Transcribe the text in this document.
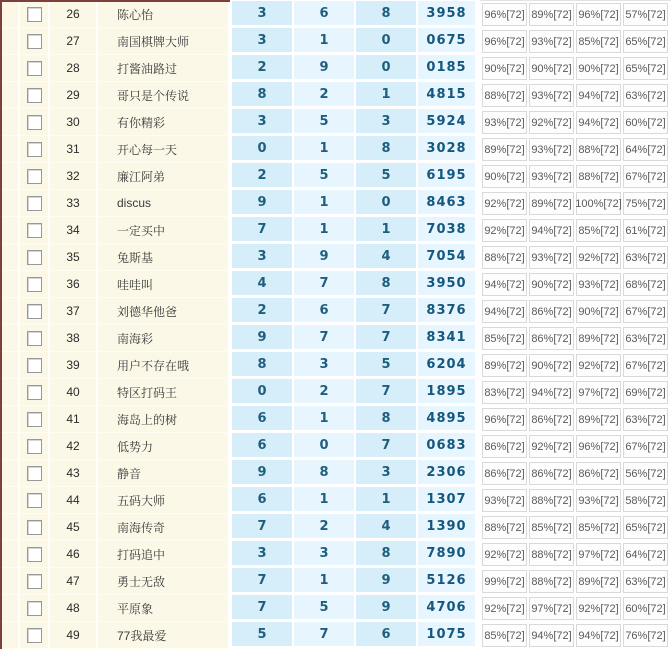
26	陈心怡	3	6	8	3958 96%[72] 89%[72] 96%[72] 57%[72]
27	南国棋牌大师	3	1	0	0675 96%[72] 93%[72] 85%[72] 65%[72]
28	打酱油路过	2	9	0	0185 90%[72] 90%[72] 90%[72] 65%[72]
29	哥只是个传说	8	2	1	4815 88%[72] 93%[72] 94%[72] 63%[72]
30	有你精彩	3	5	3	5924 93%[72] 92%[72] 94%[72] 60%[72]
31	开心每一天	0	1	8	3028 89%[72] 93%[72] 88%[72] 64%[72]
32	廉江阿弟	2	5	5	6195 90%[72] 93%[72] 88%[72] 67%[72]
33	discus	9	1	0	8463 92%[72] 89%[72] 100%[72] 75%[72]
34	一定买中	7	1	1	7038 92%[72] 94%[72] 85%[72] 61%[72]
35	兔斯基	3	9	4	7054 88%[72] 93%[72] 92%[72] 63%[72]
36	哇哇叫	4	7	8	3950 94%[72] 90%[72] 93%[72] 68%[72]
37	刘德华他爸	2	6	7	8376 94%[72] 86%[72] 90%[72] 67%[72]
38	南海彩	9	7	7	8341 85%[72] 86%[72] 89%[72] 63%[72]
39	用户不存在哦	8	3	5	6204 89%[72] 90%[72] 92%[72] 67%[72]
40	特区打码王	0	2	7	1895 83%[72] 94%[72] 97%[72] 69%[72]
41	海岛上的树	6	1	8	4895 96%[72] 86%[72] 89%[72] 63%[72]
42	低势力	6	0	7	0683 86%[72] 92%[72] 96%[72] 67%[72]
43	静音	9	8	3	2306 86%[72] 86%[72] 86%[72] 56%[72]
44	五码大师	6	1	1	1307 93%[72] 88%[72] 93%[72] 58%[72]
45	南海传奇	7	2	4	1390 88%[72] 85%[72] 85%[72] 65%[72]
46	打码追中	3	3	8	7890 92%[72] 88%[72] 97%[72] 64%[72]
47	勇士无敌	7	1	9	5126 99%[72] 88%[72] 89%[72] 63%[72]
48	平原象	7	5	9	4706 92%[72] 97%[72] 92%[72] 60%[72]
49	77我最爱	5	7	6	1075 85%[72] 94%[72] 94%[72] 76%[72]
